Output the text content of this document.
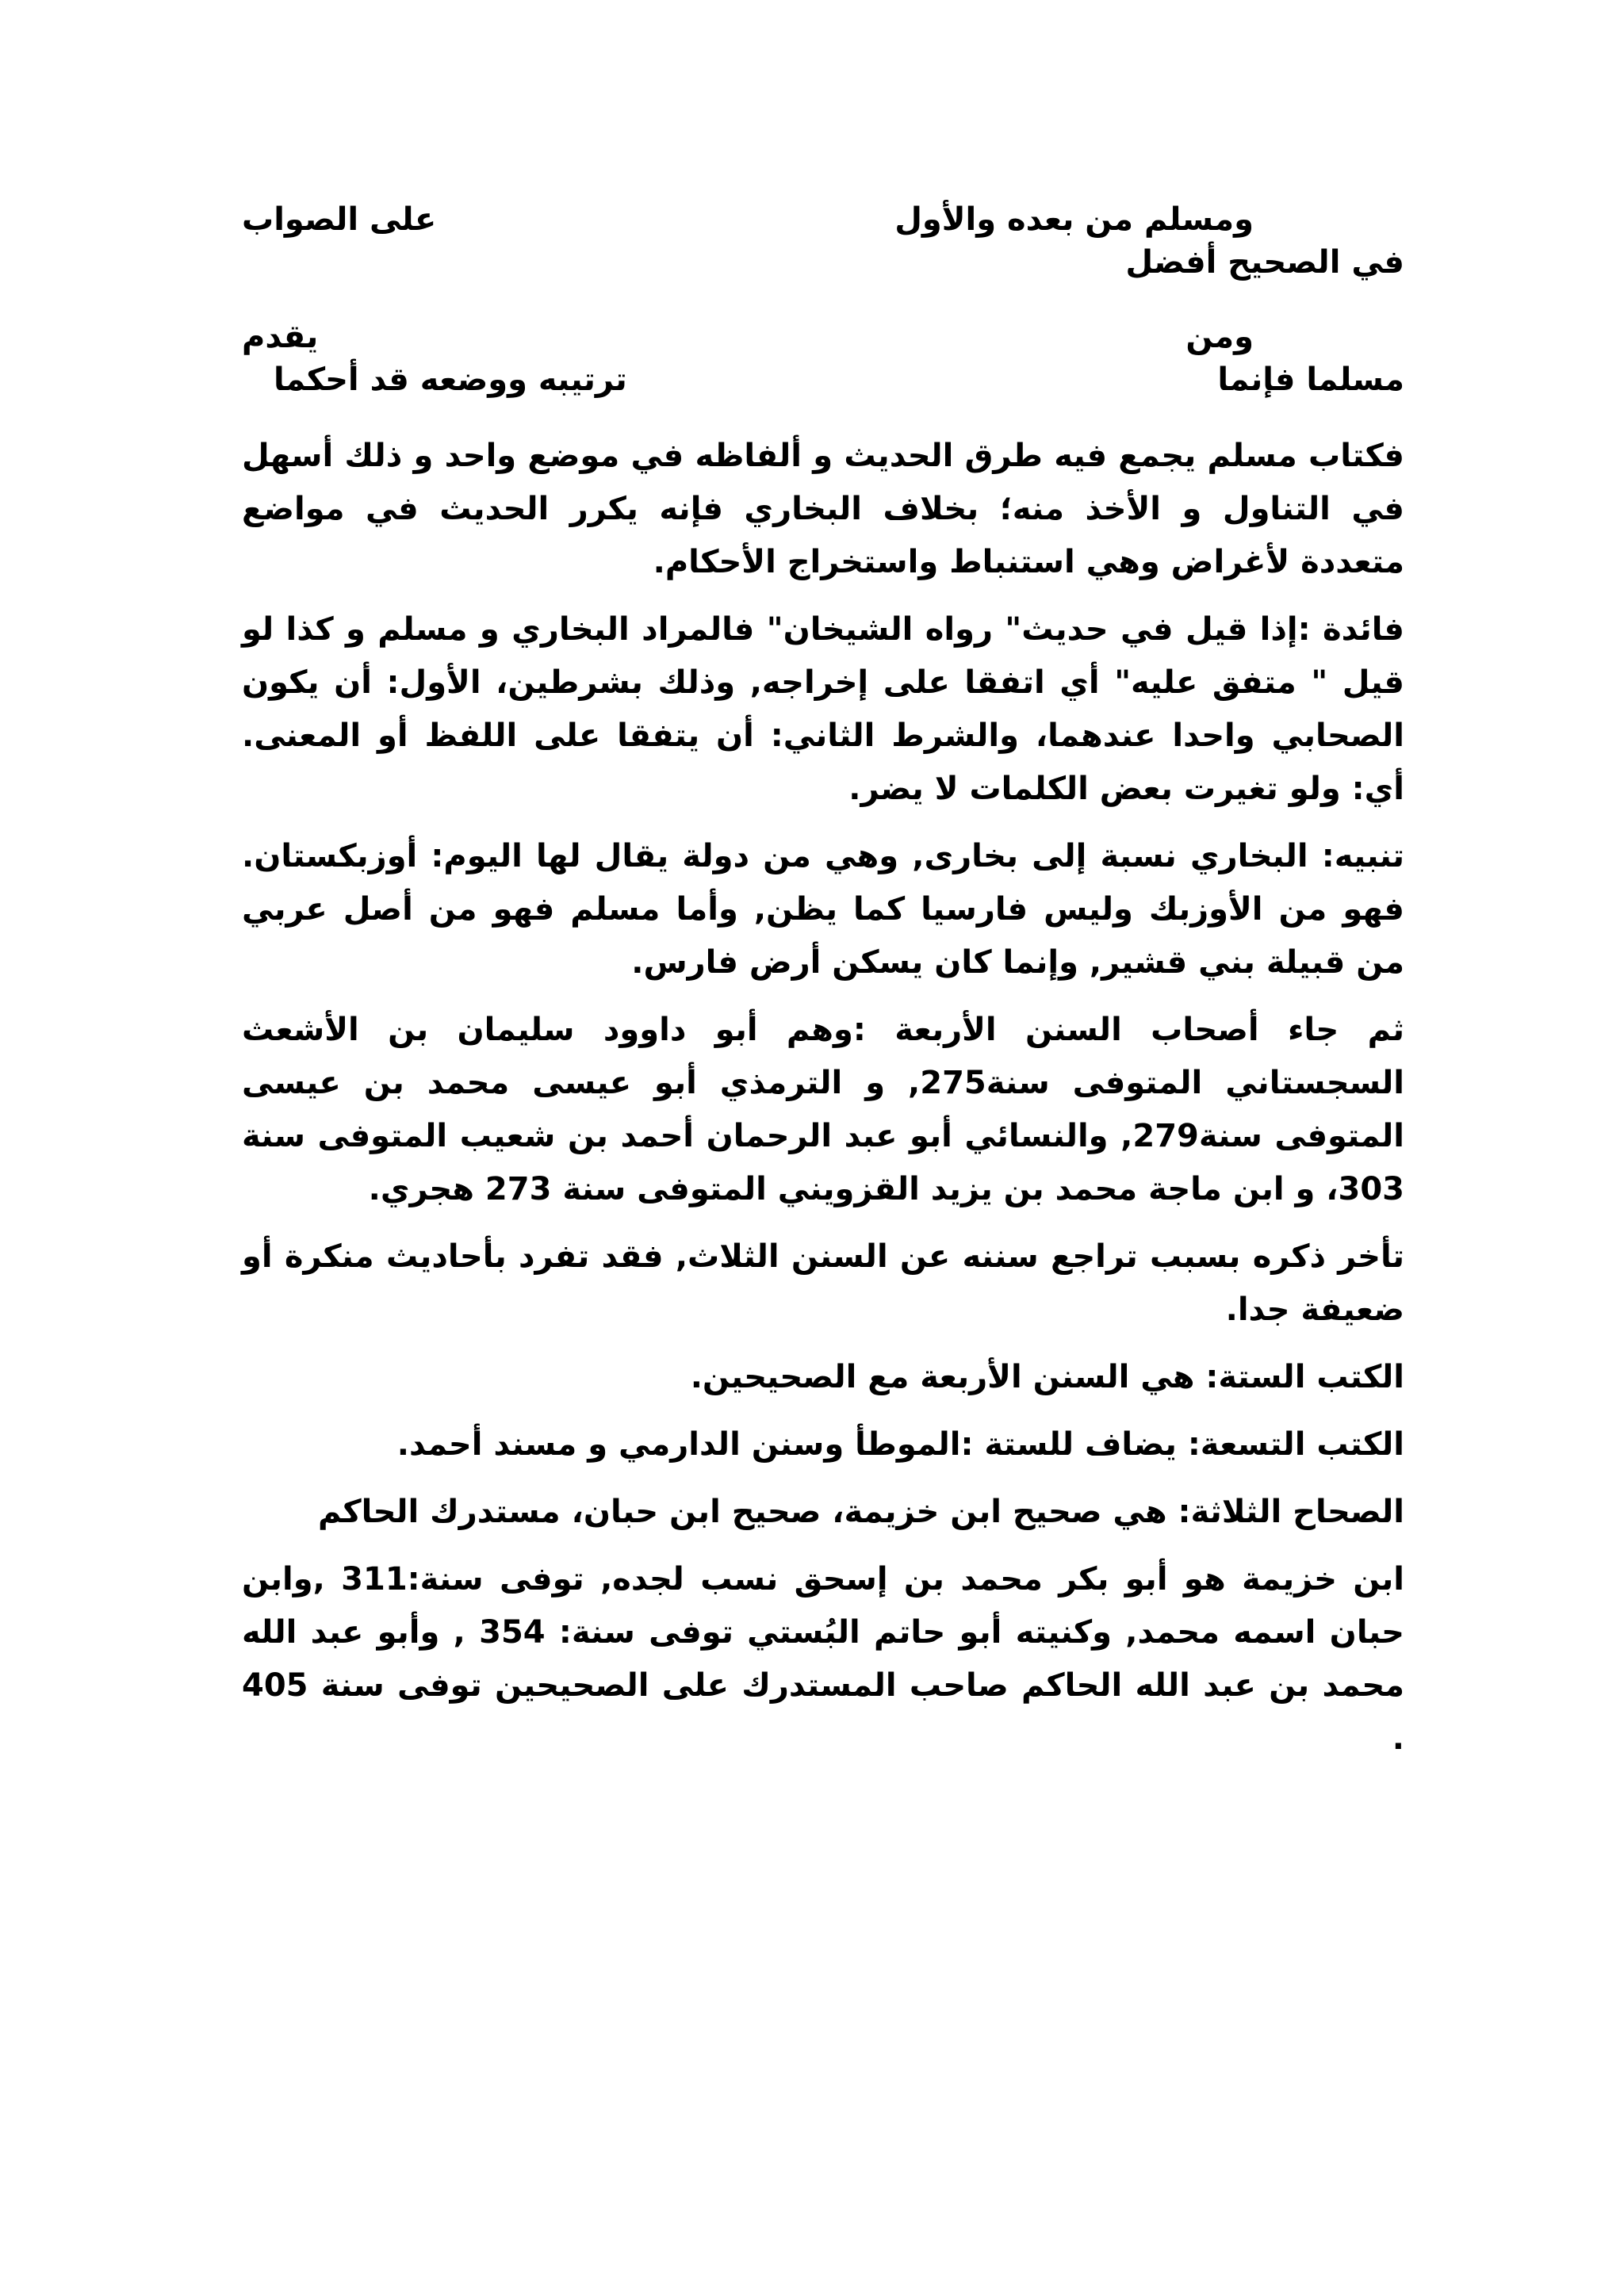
ومسلم من بعده والأول
على الصواب
في الصحيح أفضل
ومن
يقدم
مسلما فإنما
ترتيبه ووضعه قد أحكما

فكتاب مسلم يجمع فيه طرق الحديث و ألفاظه في موضع واحد و ذلك أسهل في التناول و الأخذ منه؛ بخلاف البخاري فإنه يكرر الحديث في مواضع متعددة لأغراض وهي استنباط واستخراج الأحكام.

فائدة :إذا قيل في حديث" رواه الشيخان" فالمراد البخاري و مسلم و كذا لو قيل " متفق عليه" أي اتفقا على إخراجه, وذلك بشرطين، الأول: أن يكون الصحابي واحدا عندهما، والشرط الثاني: أن يتفقا على اللفظ أو المعنى. أي: ولو تغيرت بعض الكلمات لا يضر.

تنبيه: البخاري نسبة إلى بخارى, وهي من دولة يقال لها اليوم: أوزبكستان. فهو من الأوزبك وليس فارسيا كما يظن, وأما مسلم فهو من أصل عربي من قبيلة بني قشير, وإنما كان يسكن أرض فارس.

ثم جاء أصحاب السنن الأربعة :وهم أبو داوود سليمان بن الأشعث السجستاني المتوفى سنة275, و الترمذي أبو عيسى محمد بن عيسى المتوفى سنة279, والنسائي أبو عبد الرحمان أحمد بن شعيب المتوفى سنة 303، و ابن ماجة محمد بن يزيد القزويني المتوفى سنة 273 هجري.

تأخر ذكره بسبب تراجع سننه عن السنن الثلاث, فقد تفرد بأحاديث منكرة أو ضعيفة جدا.

الكتب الستة: هي السنن الأربعة مع الصحيحين.

الكتب التسعة: يضاف للستة :الموطأ وسنن الدارمي و مسند أحمد.

الصحاح الثلاثة: هي صحيح ابن خزيمة، صحيح ابن حبان، مستدرك الحاكم

ابن خزيمة هو أبو بكر محمد بن إسحق نسب لجده, توفى سنة:311 ,وابن حبان اسمه محمد, وكنيته أبو حاتم البُستي توفى سنة: 354 , وأبو عبد الله محمد بن عبد الله الحاكم صاحب المستدرك على الصحيحين توفى سنة 405 .
